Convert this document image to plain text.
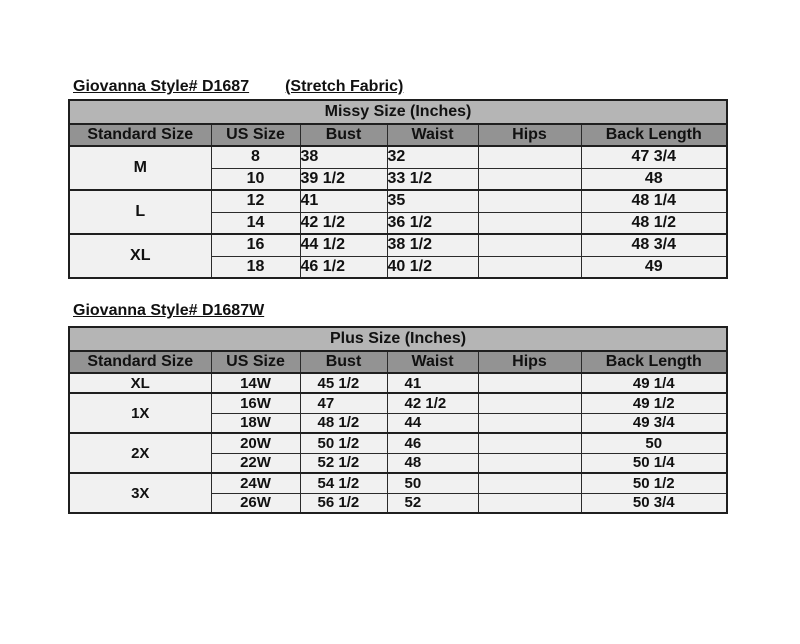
Giovanna Style# D1687 (Stretch Fabric)
Missy Size (Inches)					
Standard Size	US Size	Bust	Waist	Hips	Back Length
M	8	38	32		47 3/4
	10	39 1/2	33 1/2		48
L	12	41	35		48 1/4
	14	42 1/2	36 1/2		48 1/2
XL	16	44 1/2	38 1/2		48 3/4
	18	46 1/2	40 1/2		49
Giovanna Style# D1687W
Plus Size (Inches)					
Standard Size	US Size	Bust	Waist	Hips	Back Length
XL	14W	45 1/2	41		49 1/4
1X	16W	47	42 1/2		49 1/2
	18W	48 1/2	44		49 3/4
2X	20W	50 1/2	46		50
	22W	52 1/2	48		50 1/4
3X	24W	54 1/2	50		50 1/2
	26W	56 1/2	52		50 3/4
